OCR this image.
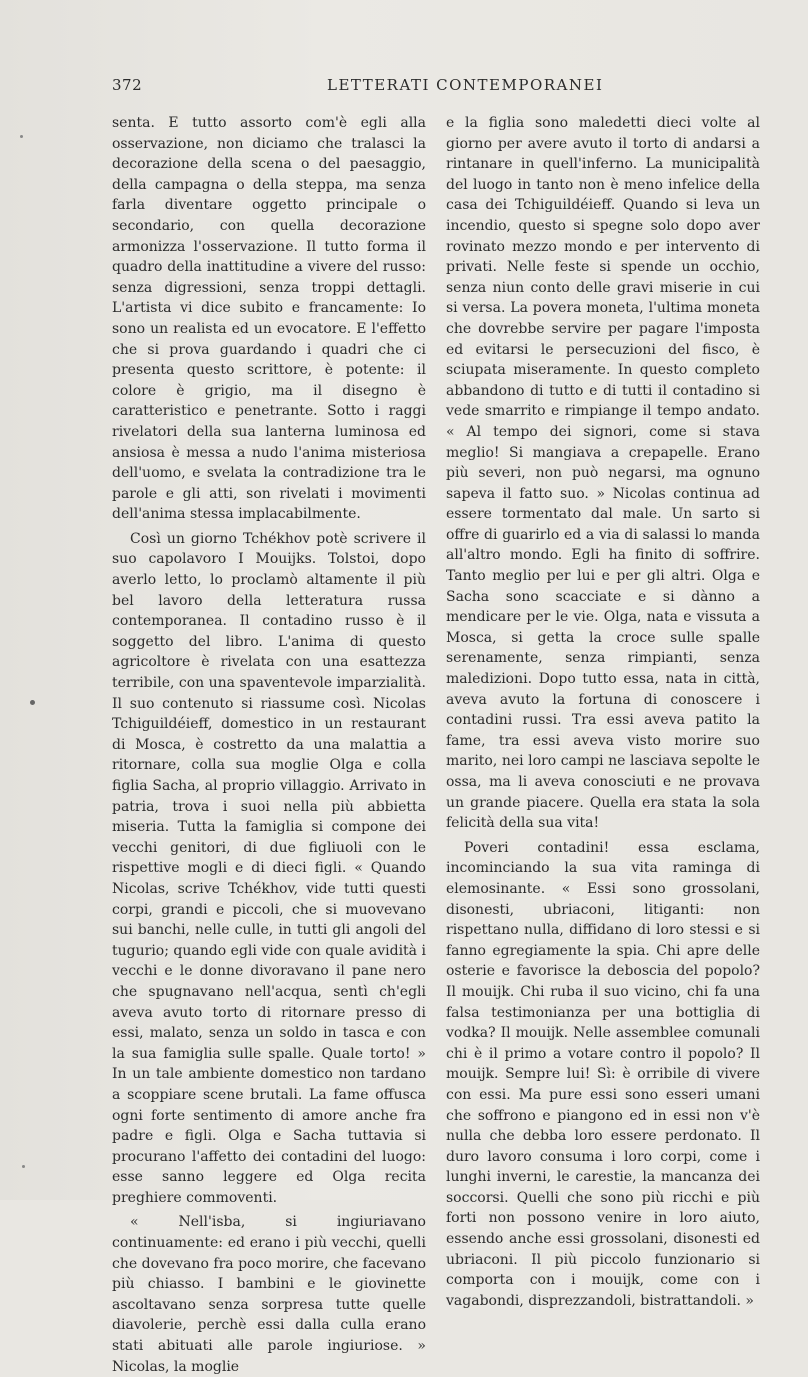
372	LETTERATI CONTEMPORANEI

senta. E tutto assorto com'è egli alla osservazione, non diciamo che tralasci la decorazione della scena o del paesaggio, della campagna o della steppa, ma senza farla diventare oggetto principale o secondario, con quella decorazione armonizza l'osservazione. Il tutto forma il quadro della inattitudine a vivere del russo: senza digressioni, senza troppi dettagli. L'artista vi dice subito e francamente: Io sono un realista ed un evocatore. E l'effetto che si prova guardando i quadri che ci presenta questo scrittore, è potente: il colore è grigio, ma il disegno è caratteristico e penetrante. Sotto i raggi rivelatori della sua lanterna luminosa ed ansiosa è messa a nudo l'anima misteriosa dell'uomo, e svelata la contradizione tra le parole e gli atti, son rivelati i movimenti dell'anima stessa implacabilmente.

Così un giorno Tchékhov potè scrivere il suo capolavoro I Mouijks. Tolstoi, dopo averlo letto, lo proclamò altamente il più bel lavoro della letteratura russa contemporanea. Il contadino russo è il soggetto del libro. L'anima di questo agricoltore è rivelata con una esattezza terribile, con una spaventevole imparzialità. Il suo contenuto si riassume così. Nicolas Tchiguildéieff, domestico in un restaurant di Mosca, è costretto da una malattia a ritornare, colla sua moglie Olga e colla figlia Sacha, al proprio villaggio. Arrivato in patria, trova i suoi nella più abbietta miseria. Tutta la famiglia si compone dei vecchi genitori, di due figliuoli con le rispettive mogli e di dieci figli. « Quando Nicolas, scrive Tchékhov, vide tutti questi corpi, grandi e piccoli, che si muovevano sui banchi, nelle culle, in tutti gli angoli del tugurio; quando egli vide con quale avidità i vecchi e le donne divoravano il pane nero che spugnavano nell'acqua, sentì ch'egli aveva avuto torto di ritornare presso di essi, malato, senza un soldo in tasca e con la sua famiglia sulle spalle. Quale torto! » In un tale ambiente domestico non tardano a scoppiare scene brutali. La fame offusca ogni forte sentimento di amore anche fra padre e figli. Olga e Sacha tuttavia si procurano l'affetto dei contadini del luogo: esse sanno leggere ed Olga recita preghiere commoventi.

« Nell'isba, si ingiuriavano continuamente: ed erano i più vecchi, quelli che dovevano fra poco morire, che facevano più chiasso. I bambini e le giovinette ascoltavano senza sorpresa tutte quelle diavolerie, perchè essi dalla culla erano stati abituati alle parole ingiuriose. » Nicolas, la moglie

e la figlia sono maledetti dieci volte al giorno per avere avuto il torto di andarsi a rintanare in quell'inferno. La municipalità del luogo in tanto non è meno infelice della casa dei Tchiguildéieff. Quando si leva un incendio, questo si spegne solo dopo aver rovinato mezzo mondo e per intervento di privati. Nelle feste si spende un occhio, senza niun conto delle gravi miserie in cui si versa. La povera moneta, l'ultima moneta che dovrebbe servire per pagare l'imposta ed evitarsi le persecuzioni del fisco, è sciupata miseramente. In questo completo abbandono di tutto e di tutti il contadino si vede smarrito e rimpiange il tempo andato. « Al tempo dei signori, come si stava meglio! Si mangiava a crepapelle. Erano più severi, non può negarsi, ma ognuno sapeva il fatto suo. » Nicolas continua ad essere tormentato dal male. Un sarto si offre di guarirlo ed a via di salassi lo manda all'altro mondo. Egli ha finito di soffrire. Tanto meglio per lui e per gli altri. Olga e Sacha sono scacciate e si dànno a mendicare per le vie. Olga, nata e vissuta a Mosca, si getta la croce sulle spalle serenamente, senza rimpianti, senza maledizioni. Dopo tutto essa, nata in città, aveva avuto la fortuna di conoscere i contadini russi. Tra essi aveva patito la fame, tra essi aveva visto morire suo marito, nei loro campi ne lasciava sepolte le ossa, ma li aveva conosciuti e ne provava un grande piacere. Quella era stata la sola felicità della sua vita!

Poveri contadini! essa esclama, incominciando la sua vita raminga di elemosinante. « Essi sono grossolani, disonesti, ubriaconi, litiganti: non rispettano nulla, diffidano di loro stessi e si fanno egregiamente la spia. Chi apre delle osterie e favorisce la deboscia del popolo? Il mouijk. Chi ruba il suo vicino, chi fa una falsa testimonianza per una bottiglia di vodka? Il mouijk. Nelle assemblee comunali chi è il primo a votare contro il popolo? Il mouijk. Sempre lui! Sì: è orribile di vivere con essi. Ma pure essi sono esseri umani che soffrono e piangono ed in essi non v'è nulla che debba loro essere perdonato. Il duro lavoro consuma i loro corpi, come i lunghi inverni, le carestie, la mancanza dei soccorsi. Quelli che sono più ricchi e più forti non possono venire in loro aiuto, essendo anche essi grossolani, disonesti ed ubriaconi. Il più piccolo funzionario si comporta con i mouijk, come con i vagabondi, disprezzandoli, bistrattandoli. »
